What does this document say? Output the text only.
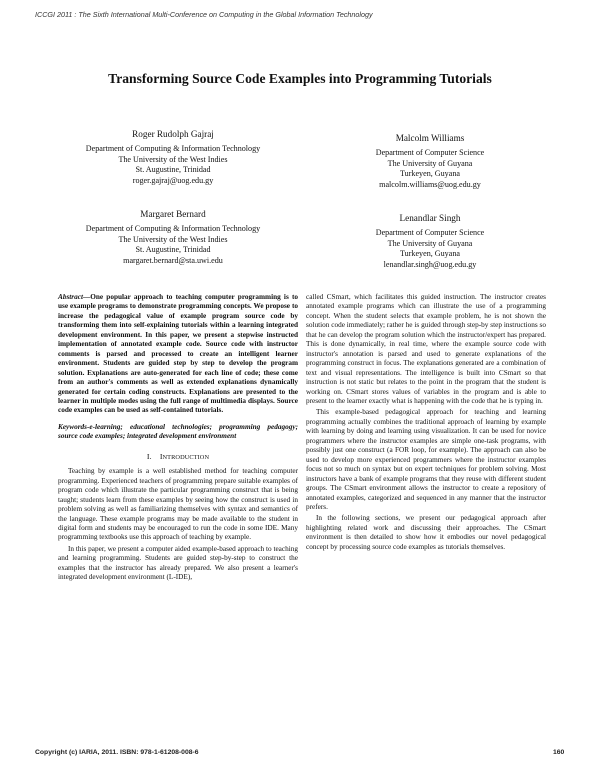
ICCGI 2011 : The Sixth International Multi-Conference on Computing in the Global Information Technology
Transforming Source Code Examples into Programming Tutorials
Roger Rudolph Gajraj
Department of Computing & Information Technology
The University of the West Indies
St. Augustine, Trinidad
roger.gajraj@uog.edu.gy
Malcolm Williams
Department of Computer Science
The University of Guyana
Turkeyen, Guyana
malcolm.williams@uog.edu.gy
Margaret Bernard
Department of Computing & Information Technology
The University of the West Indies
St. Augustine, Trinidad
margaret.bernard@sta.uwi.edu
Lenandlar Singh
Department of Computer Science
The University of Guyana
Turkeyen, Guyana
lenandlar.singh@uog.edu.gy
Abstract—One popular approach to teaching computer programming is to use example programs to demonstrate programming concepts. We propose to increase the pedagogical value of example program source code by transforming them into self-explaining tutorials within a learning integrated development environment. In this paper, we present a stepwise instructed implementation of annotated example code. Source code with instructor comments is parsed and processed to create an intelligent learner environment. Students are guided step by step to develop the program solution. Explanations are auto-generated for each line of code; these come from an author's comments as well as extended explanations dynamically generated for certain coding constructs. Explanations are presented to the learner in multiple modes using the full range of multimedia displays. Source code examples can be used as self-contained tutorials.
Keywords-e-learning; educational technologies; programming pedagogy; source code examples; integrated development environment
I. INTRODUCTION

Teaching by example is a well established method for teaching computer programming. Experienced teachers of programming prepare suitable examples of program code which illustrate the particular programming construct that is being taught; students learn from these examples by seeing how the construct is used in problem solving as well as familiarizing themselves with syntax and semantics of the language. These example programs may be made available to the student in digital form and students may be encouraged to run the code in some IDE. Many programming textbooks use this approach of teaching by example.

In this paper, we present a computer aided example-based approach to teaching and learning programming. Students are guided step-by-step to construct the examples that the instructor has already prepared. We also present a learner's integrated development environment (L-IDE),

called CSmart, which facilitates this guided instruction. The instructor creates annotated example programs which can illustrate the use of a programming concept. When the student selects that example problem, he is not shown the solution code immediately; rather he is guided through step-by step instructions so that he can develop the program solution which the instructor/expert has prepared. This is done dynamically, in real time, where the example source code with instructor's annotation is parsed and used to generate explanations of the programming construct in focus. The explanations generated are a combination of text and visual representations. The intelligence is built into CSmart so that instruction is not static but relates to the point in the program that the student is working on. CSmart stores values of variables in the program and is able to present to the learner exactly what is happening with the code that he is typing in.

This example-based pedagogical approach for teaching and learning programming actually combines the traditional approach of learning by example with learning by doing and learning using visualization. It can be used for novice programmers where the instructor examples are simple one-task programs, with possibly just one construct (a FOR loop, for example). The approach can also be used to develop more experienced programmers where the instructor examples focus not so much on syntax but on expert techniques for problem solving. Most instructors have a bank of example programs that they reuse with different student groups. The CSmart environment allows the instructor to create a repository of annotated examples, categorized and sequenced in any manner that the instructor prefers.

In the following sections, we present our pedagogical approach after highlighting related work and discussing their approaches. The CSmart environment is then detailed to show how it embodies our novel pedagogical concept by processing source code examples as tutorials themselves.

Copyright (c) IARIA, 2011. ISBN: 978-1-61208-008-6	160
